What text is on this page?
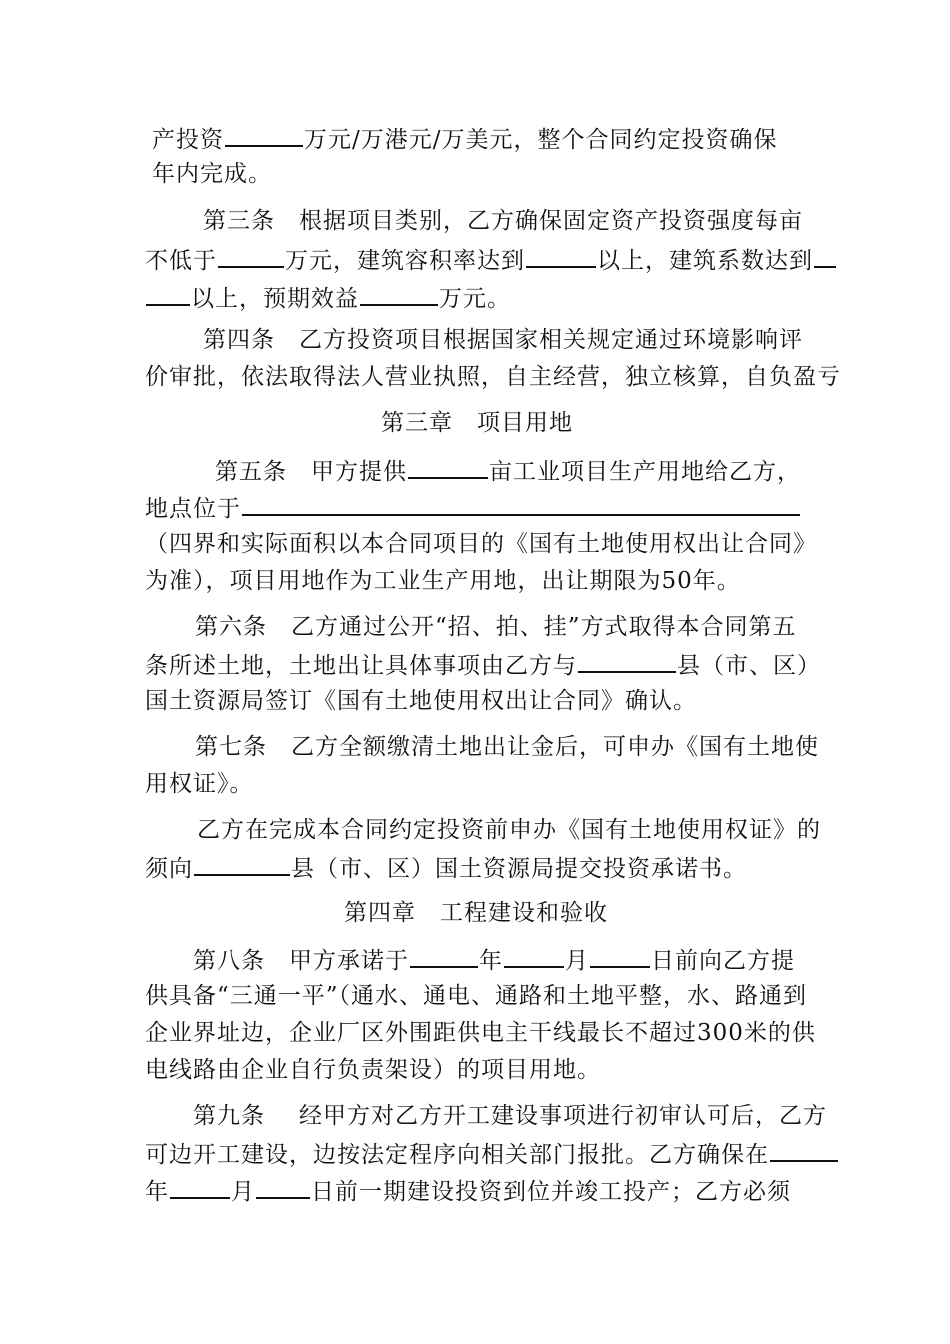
产投资	万元/万港元/万美元，整个合同约定投资确保
年内完成。
第三条 根据项目类别，乙方确保固定资产投资强度每亩
不低于	万元，建筑容积率达到	以上，建筑系数达到
以上，预期效益	万元。
第四条 乙方投资项目根据国家相关规定通过环境影响评
价审批，依法取得法人营业执照，自主经营，独立核算，自负盈亏
第三章 项目用地
第五条 甲方提供	亩工业项目生产用地给乙方，
地点位于
（四界和实际面积以本合同项目的《国有土地使用权出让合同》
为准），项目用地作为工业生产用地，出让期限为50年。
第六条 乙方通过公开“招、拍、挂”方式取得本合同第五
条所述土地，土地出让具体事项由乙方与	县（市、区）
国土资源局签订《国有土地使用权出让合同》确认。
第七条 乙方全额缴清土地出让金后，可申办《国有土地使
用权证》。
乙方在完成本合同约定投资前申办《国有土地使用权证》的
须向	县（市、区）国土资源局提交投资承诺书。
第四章 工程建设和验收
第八条 甲方承诺于	年	月	日前向乙方提
供具备“三通一平”（通水、通电、通路和土地平整，水、路通到
企业界址边，企业厂区外围距供电主干线最长不超过300米的供
电线路由企业自行负责架设）的项目用地。
第九条 经甲方对乙方开工建设事项进行初审认可后，乙方
可边开工建设，边按法定程序向相关部门报批。乙方确保在
年	月 日前一期建设投资到位并竣工投产；乙方必须
